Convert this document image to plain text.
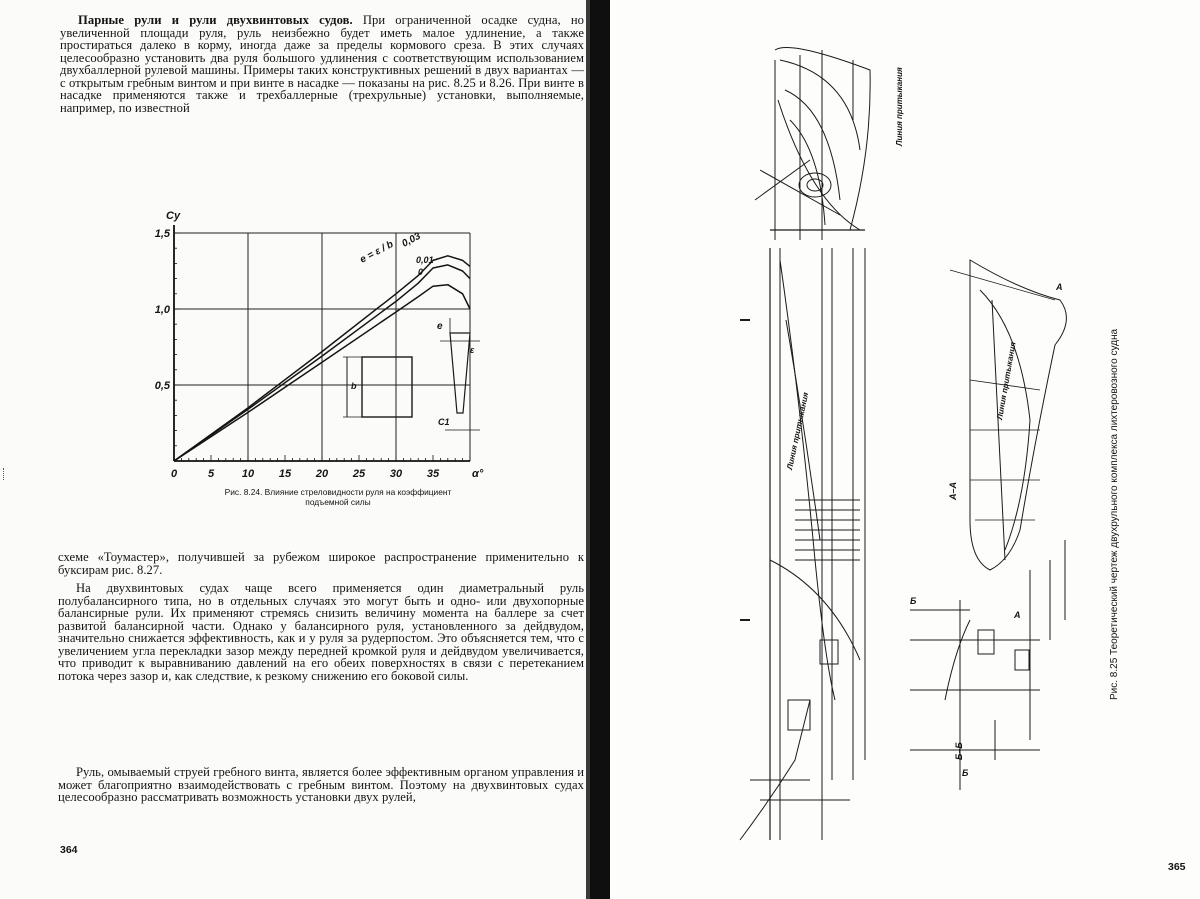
Парные рули и рули двухвинтовых судов. При ограниченной осадке судна, но увеличенной площади руля, руль неизбежно будет иметь малое удлинение, а также простираться далеко в корму, иногда даже за пределы кормового среза. В этих случаях целесообразно установить два руля большого удлинения с соответствующим использованием двухбаллерной рулевой машины. Примеры таких конструктивных решений в двух вариантах — с открытым гребным винтом и при винте в насадке — показаны на рис. 8.25 и 8.26. При винте в насадке применяются также и трехбаллерные (трехрульные) установки, выполняемые, например, по известной

0	5	10 15 20 25 30 35	α°
0,5
1,0
1,5
Cy
e = ε / b 0,03
0,01
0
e
ε
b
C1

Рис. 8.24. Влияние стреловидности руля на коэффициент подъемной силы

схеме «Тоумастер», получившей за рубежом широкое распространение применительно к буксирам рис. 8.27.

На двухвинтовых судах чаще всего применяется один диаметральный руль полубалансирного типа, но в отдельных случаях это могут быть и одно- или двухопорные балансирные рули. Их применяют стремясь снизить величину момента на баллере за счет развитой балансирной части. Однако у балансирного руля, установленного за дейдвудом, значительно снижается эффективность, как и у руля за рудерпостом. Это объясняется тем, что с увеличением угла перекладки зазор между передней кромкой руля и дейдвудом увеличивается, что приводит к выравниванию давлений на его обеих поверхностях в связи с перетеканием потока через зазор и, как следствие, к резкому снижению его боковой силы.

Руль, омываемый струей гребного винта, является более эффективным органом управления и может благоприятно взаимодействовать с гребным винтом. Поэтому на двухвинтовых судах целесообразно рассматривать возможность установки двух рулей,

364
Линия притыкания
Линия притыкания
Линия притыкания
A–A
Б–Б
A
A
Б
Б
Рис. 8.25 Теоретический чертеж двухрульного комплекса лихтеровозного судна
365
